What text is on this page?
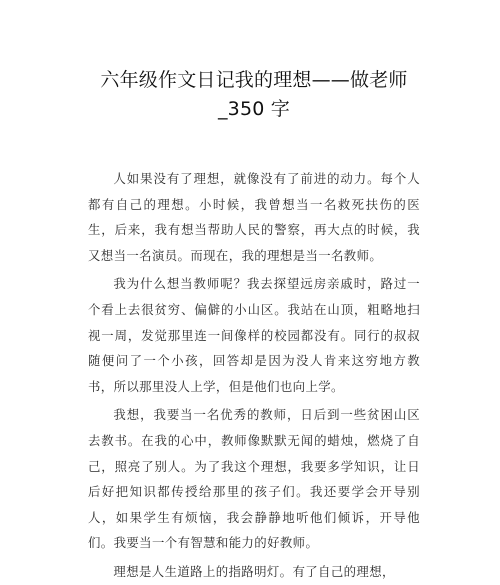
六年级作文日记我的理想——做老师
_350 字

人如果没有了理想，就像没有了前进的动力。每个人都有自己的理想。小时候，我曾想当一名救死扶伤的医生，后来，我有想当帮助人民的警察，再大点的时候，我又想当一名演员。而现在，我的理想是当一名教师。

我为什么想当教师呢？我去探望远房亲戚时，路过一个看上去很贫穷、偏僻的小山区。我站在山顶，粗略地扫视一周，发觉那里连一间像样的校园都没有。同行的叔叔随便问了一个小孩，回答却是因为没人肯来这穷地方教书，所以那里没人上学，但是他们也向上学。

我想，我要当一名优秀的教师，日后到一些贫困山区去教书。在我的心中，教师像默默无闻的蜡烛，燃烧了自己，照亮了别人。为了我这个理想，我要多学知识，让日后好把知识都传授给那里的孩子们。我还要学会开导别人，如果学生有烦恼，我会静静地听他们倾诉，开导他们。我要当一个有智慧和能力的好教师。

理想是人生道路上的指路明灯。有了自己的理想，
